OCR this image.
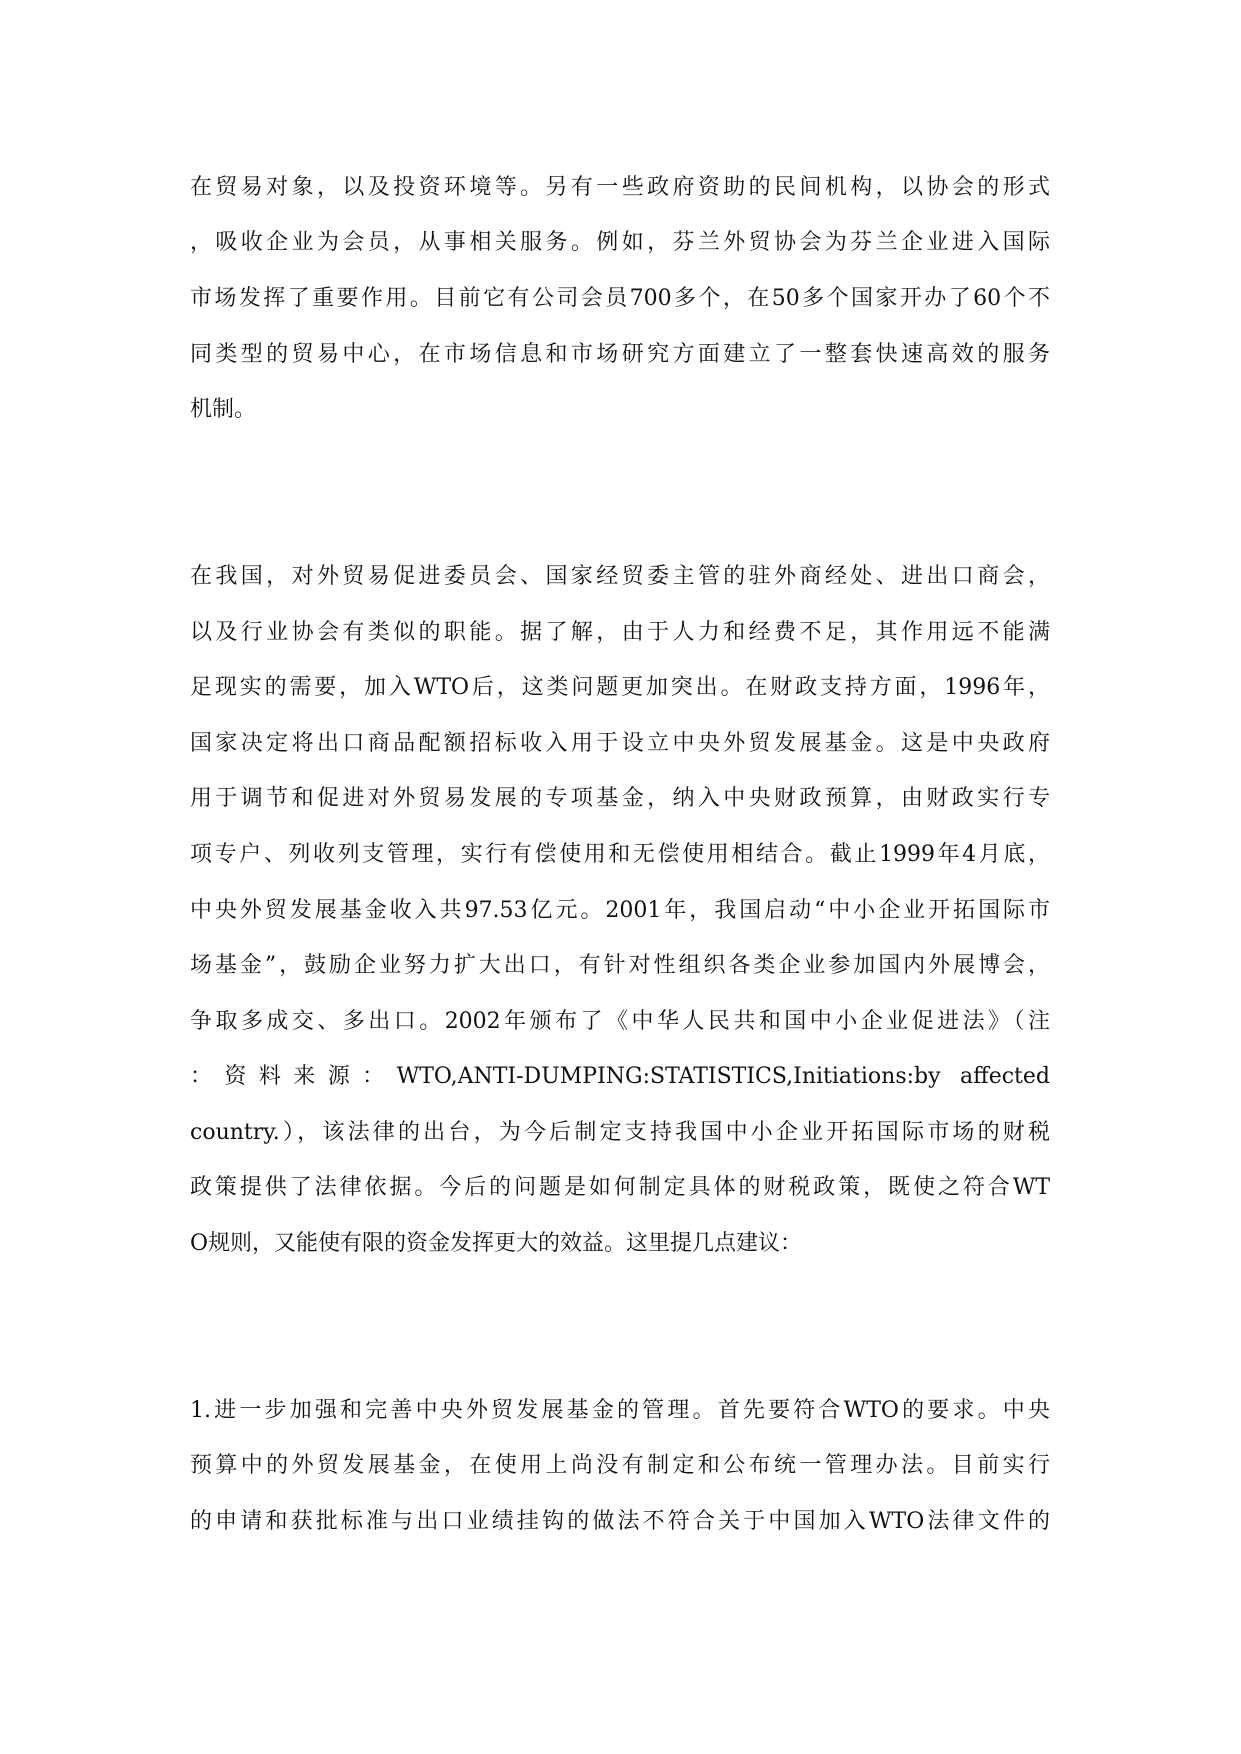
在贸易对象，以及投资环境等。另有一些政府资助的民间机构，以协会的形式
，吸收企业为会员，从事相关服务。例如，芬兰外贸协会为芬兰企业进入国际
市场发挥了重要作用。目前它有公司会员700多个，在50多个国家开办了60个不
同类型的贸易中心，在市场信息和市场研究方面建立了一整套快速高效的服务
机制。
在我国，对外贸易促进委员会、国家经贸委主管的驻外商经处、进出口商会，
以及行业协会有类似的职能。据了解，由于人力和经费不足，其作用远不能满
足现实的需要，加入WTO后，这类问题更加突出。在财政支持方面，1996年，
国家决定将出口商品配额招标收入用于设立中央外贸发展基金。这是中央政府
用于调节和促进对外贸易发展的专项基金，纳入中央财政预算，由财政实行专
项专户、列收列支管理，实行有偿使用和无偿使用相结合。截止1999年4月底，
中央外贸发展基金收入共97.53亿元。2001年，我国启动“中小企业开拓国际市
场基金”，鼓励企业努力扩大出口，有针对性组织各类企业参加国内外展博会，
争取多成交、多出口。2002年颁布了《中华人民共和国中小企业促进法》（注
：资料来源：WTO,ANTI-DUMPING:STATISTICS,Initiations:by affected
country.），该法律的出台，为今后制定支持我国中小企业开拓国际市场的财税
政策提供了法律依据。今后的问题是如何制定具体的财税政策，既使之符合WT
O规则，又能使有限的资金发挥更大的效益。这里提几点建议：
1.进一步加强和完善中央外贸发展基金的管理。首先要符合WTO的要求。中央
预算中的外贸发展基金，在使用上尚没有制定和公布统一管理办法。目前实行
的申请和获批标准与出口业绩挂钩的做法不符合关于中国加入WTO法律文件的
